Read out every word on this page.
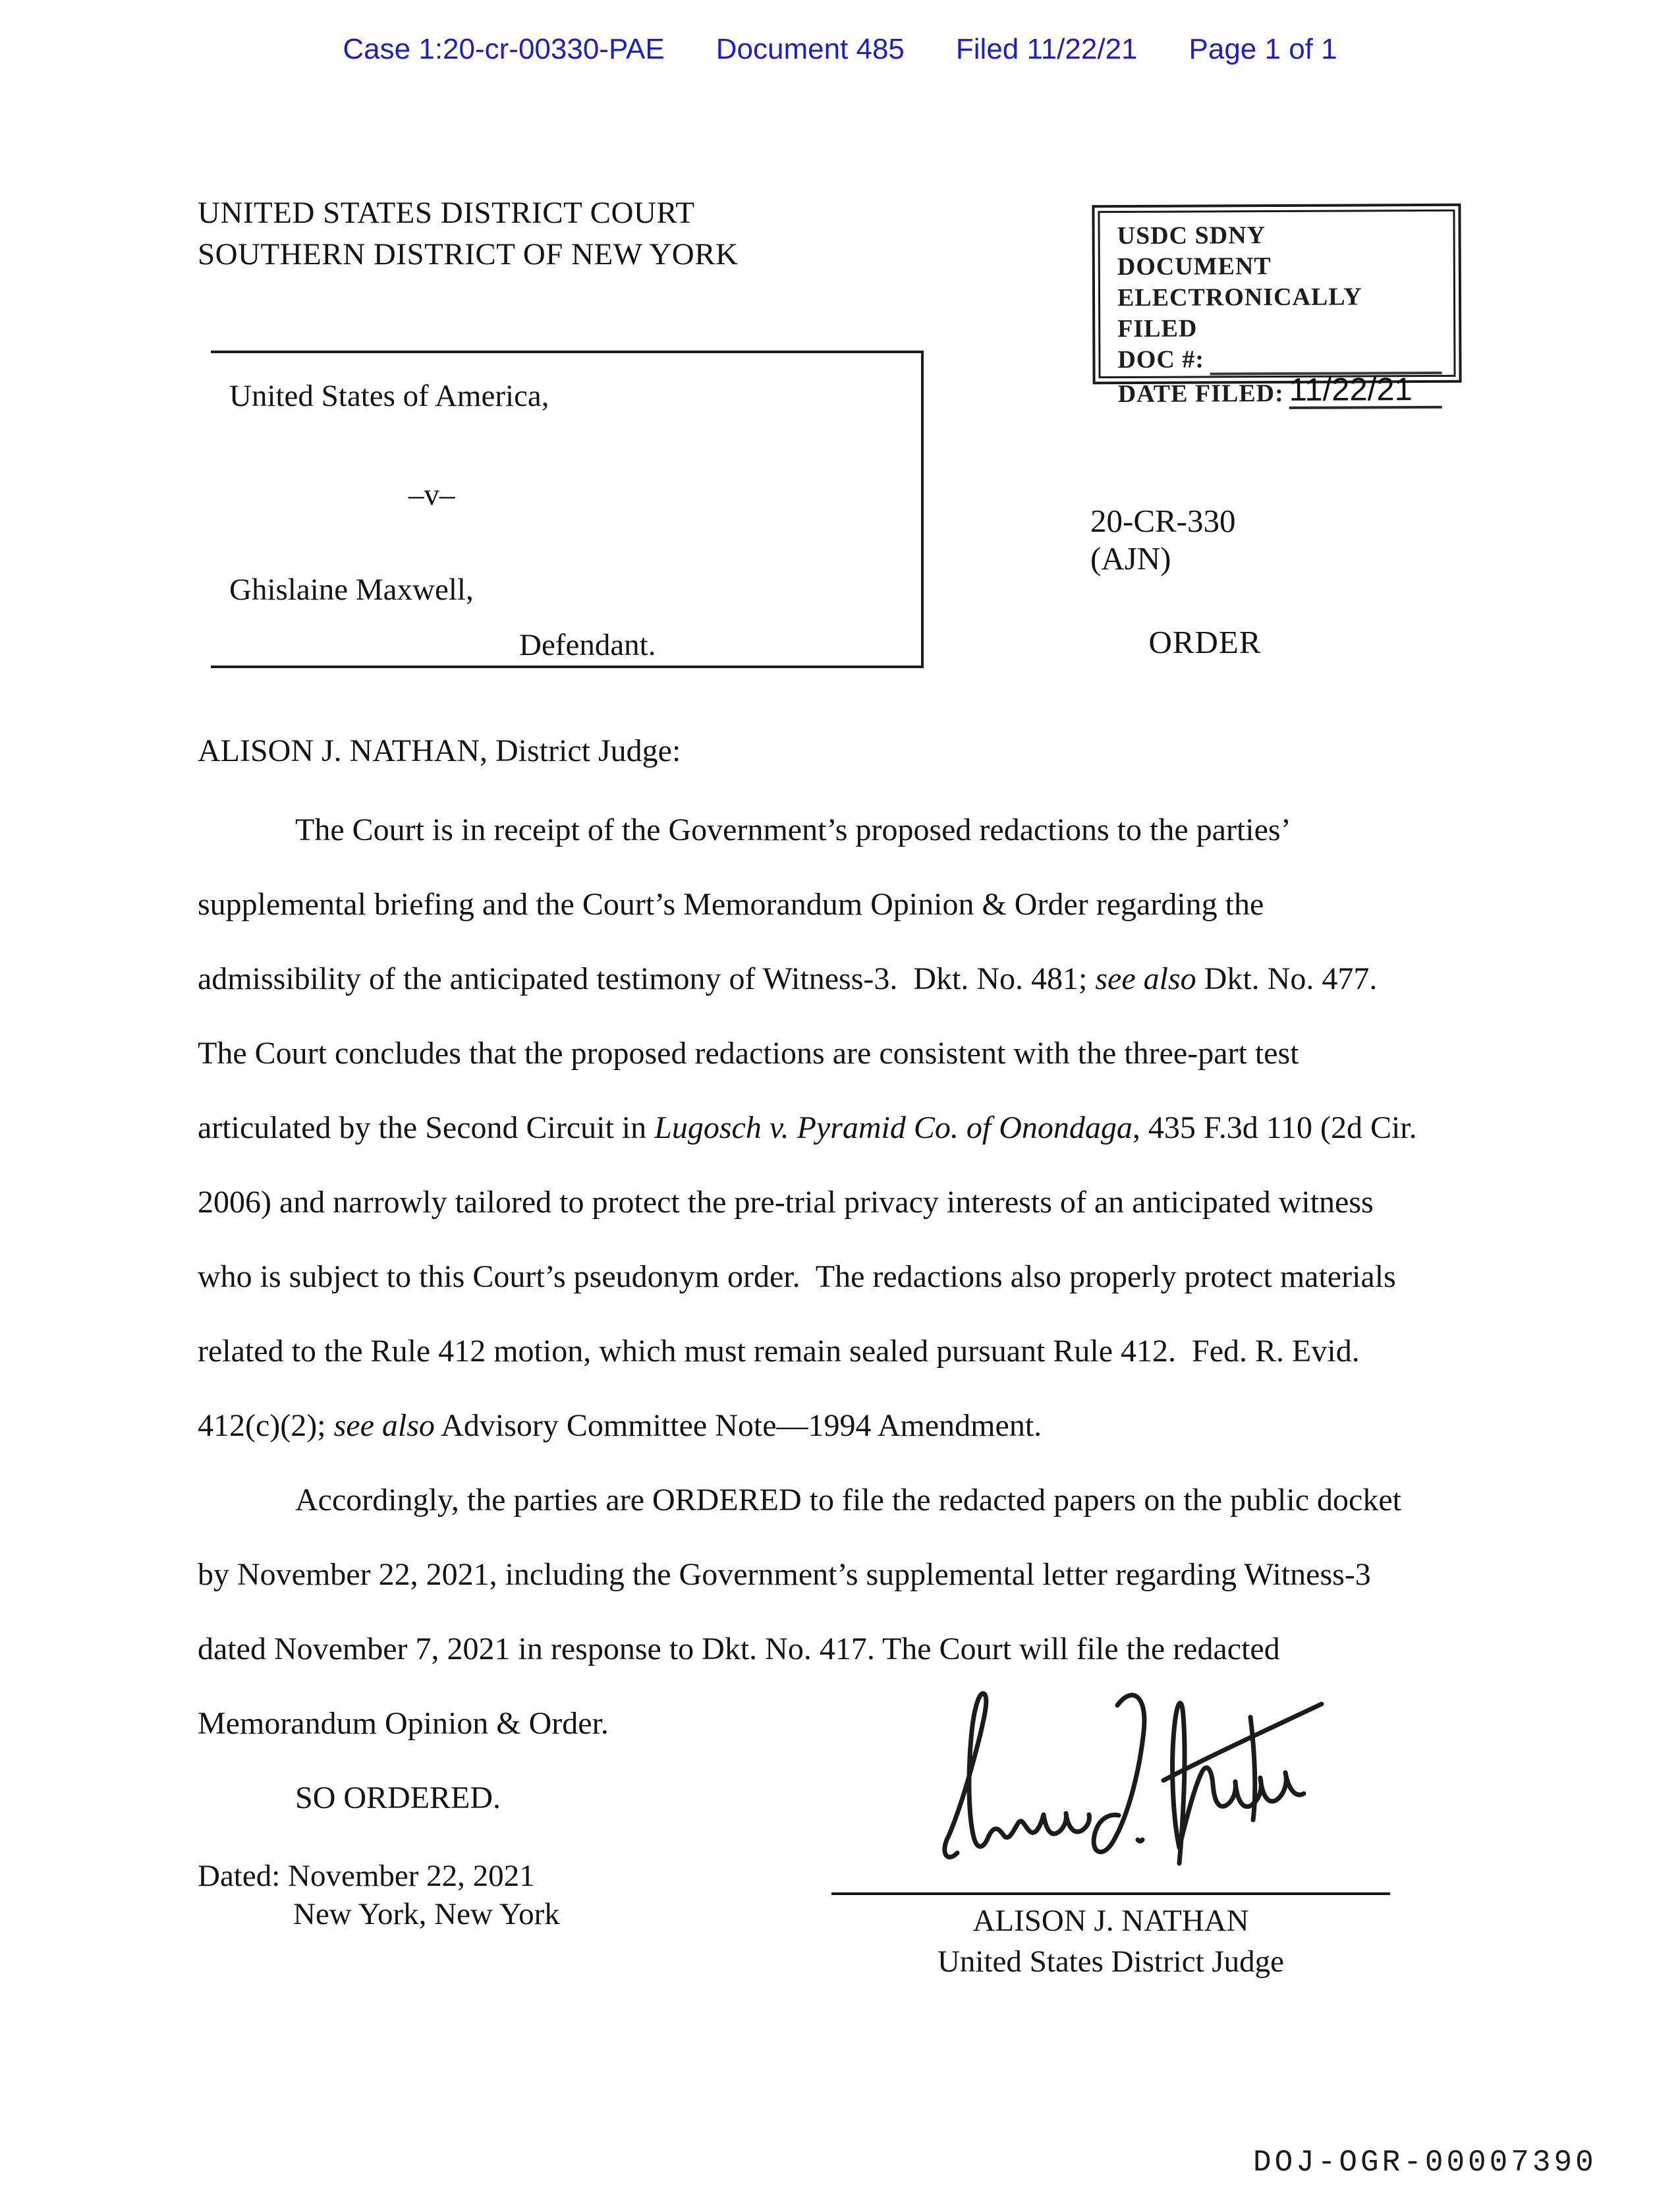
Case 1:20-cr-00330-PAE Document 485 Filed 11/22/21 Page 1 of 1
UNITED STATES DISTRICT COURT
SOUTHERN DISTRICT OF NEW YORK
USDC SDNY
DOCUMENT
ELECTRONICALLY FILED
DOC #:
DATE FILED: 11/22/21
United States of America,
–v–
Ghislaine Maxwell,
Defendant.
20-CR-330 (AJN)
ORDER
ALISON J. NATHAN, District Judge:
The Court is in receipt of the Government’s proposed redactions to the parties’
supplemental briefing and the Court’s Memorandum Opinion & Order regarding the
admissibility of the anticipated testimony of Witness-3.  Dkt. No. 481; see also Dkt. No. 477.
The Court concludes that the proposed redactions are consistent with the three-part test
articulated by the Second Circuit in Lugosch v. Pyramid Co. of Onondaga, 435 F.3d 110 (2d Cir.
2006) and narrowly tailored to protect the pre-trial privacy interests of an anticipated witness
who is subject to this Court’s pseudonym order.  The redactions also properly protect materials
related to the Rule 412 motion, which must remain sealed pursuant Rule 412.  Fed. R. Evid.
412(c)(2); see also Advisory Committee Note—1994 Amendment.
Accordingly, the parties are ORDERED to file the redacted papers on the public docket
by November 22, 2021, including the Government’s supplemental letter regarding Witness-3
dated November 7, 2021 in response to Dkt. No. 417. The Court will file the redacted
Memorandum Opinion & Order.
SO ORDERED.
Dated: November 22, 2021
New York, New York	ALISON J. NATHAN
United States District Judge
DOJ-OGR-00007390
